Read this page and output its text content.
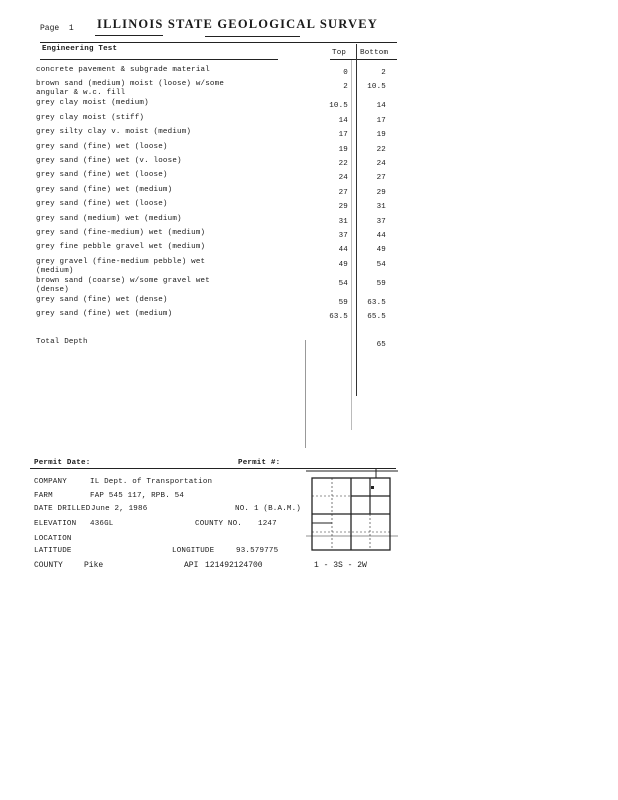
Page 1 ILLINOIS STATE GEOLOGICAL SURVEY
Engineering Test	Top Bottom
concrete pavement & subgrade material	0	2
brown sand (medium) moist (loose) w/some
angular & w.c. fill
2	10.5
grey clay moist (medium)	10.5	14
grey clay moist (stiff)	14	17
grey silty clay v. moist (medium)	17	19
grey sand (fine) wet (loose)	19	22
grey sand (fine) wet (v. loose)	22	24
grey sand (fine) wet (loose)	24	27
grey sand (fine) wet (medium)	27	29
grey sand (fine) wet (loose)	29	31
grey sand (medium) wet (medium)	31	37
grey sand (fine-medium) wet (medium)	37	44
grey fine pebble gravel wet (medium)	44	49
grey gravel (fine-medium pebble) wet
(medium)
49	54
brown sand (coarse) w/some gravel wet
(dense)
54	59
grey sand (fine) wet (dense)	59	63.5
grey sand (fine) wet (medium)	63.5	65.5
Total Depth	65
Permit Date:	Permit #:
COMPANY	IL Dept. of Transportation
FARM	FAP 545 117, RPB. 54
DATE DRILLED June 2, 1986	NO. 1 (B.A.M.)
ELEVATION 436GL	COUNTY NO. 1247
LOCATION
LATITUDE	LONGITUDE	93.579775
COUNTY	Pike	API 121492124700	1 - 3S - 2W
